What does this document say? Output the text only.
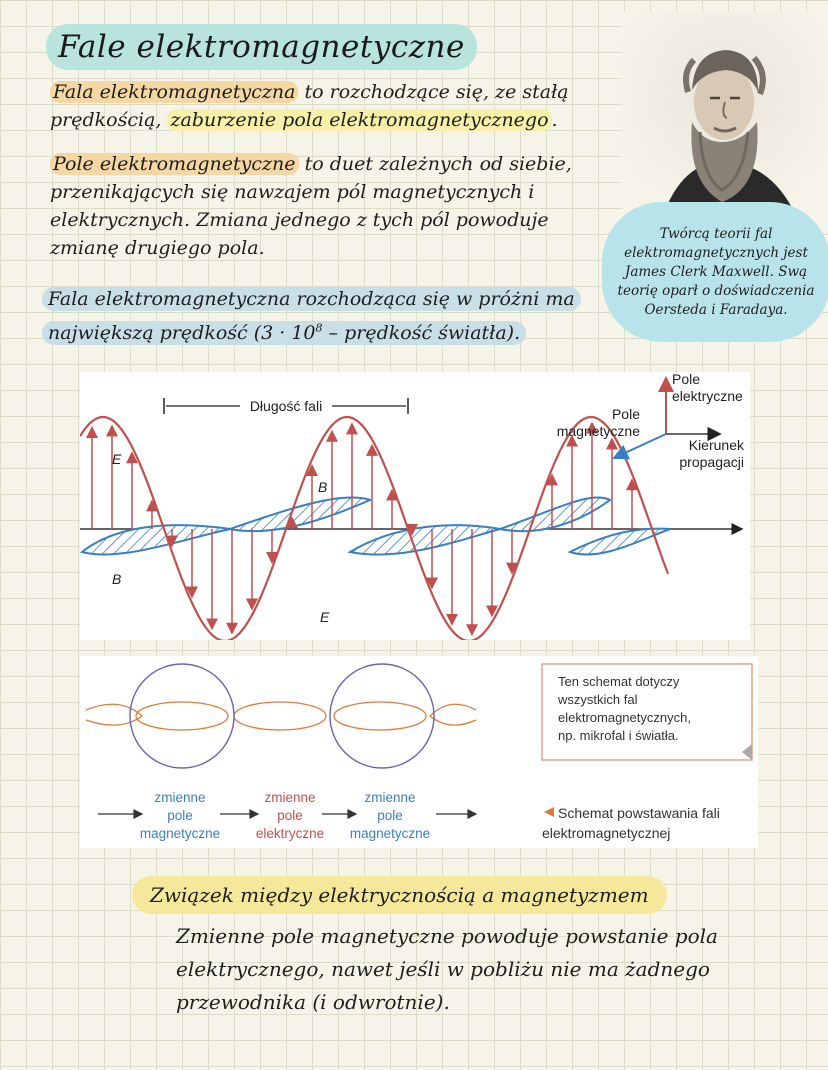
Fale elektromagnetyczne
Fala elektromagnetyczna to rozchodzące się, ze stałą prędkością, zaburzenie pola elektromagnetycznego .
Pole elektromagnetyczne to duet zależnych od siebie, przenikających się nawzajem pól magnetycznych i elektrycznych. Zmiana jednego z tych pól powoduje zmianę drugiego pola.
Fala elektromagnetyczna rozchodząca się w próżni ma
największą prędkość ($3 \cdot 10^8$ – prędkość światła).
Twórcą teorii fal elektromagnetycznych jest James Clerk Maxwell. Swą teorię oparł o doświadczenia Oersteda i Faradaya.
Długość fali
E
B
B
E
Pole elektryczne
Pole magnetyczne
Kierunek propagacji
zmienne pole magnetyczne
zmienne pole elektryczne
zmienne pole magnetyczne
Ten schemat dotyczy wszystkich fal elektromagnetycznych, np. mikrofal i światła.
Schemat powstawania fali elektromagnetycznej
Związek między elektrycznością a magnetyzmem
Zmienne pole magnetyczne powoduje powstanie pola elektrycznego, nawet jeśli w pobliżu nie ma żadnego przewodnika (i odwrotnie).
